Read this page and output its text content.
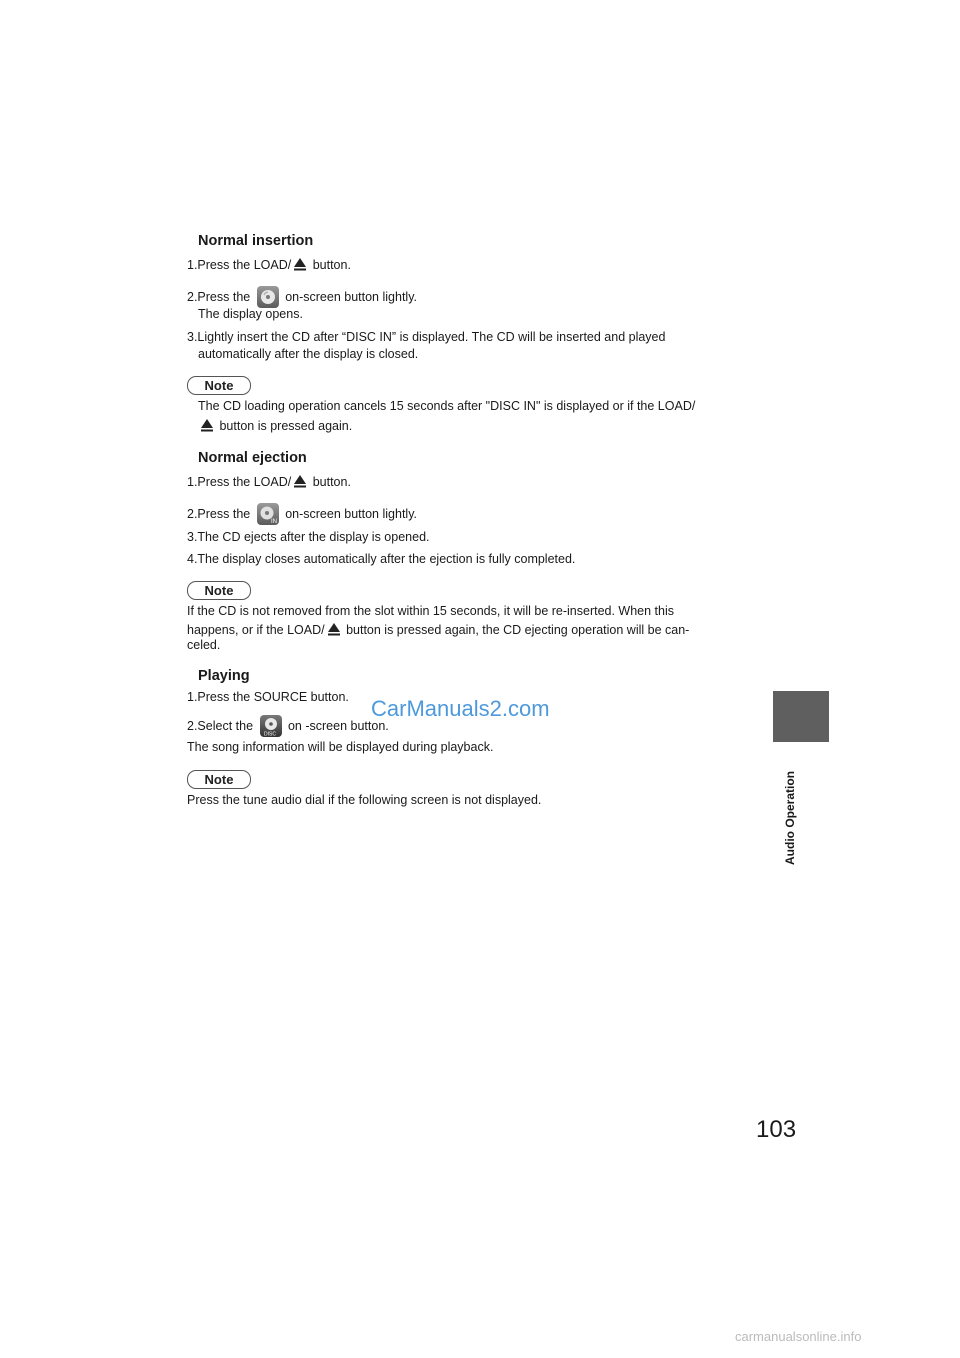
Normal insertion
1.Press the LOAD/ button.
2.Press the	on-screen button lightly.
The display opens.
3.Lightly insert the CD after “DISC IN” is displayed. The CD will be inserted and played
automatically after the display is closed.
Note
The CD loading operation cancels 15 seconds after "DISC IN" is displayed or if the LOAD/
button is pressed again.
Normal ejection
1.Press the LOAD/ button.
2.Press the
IN
on-screen button lightly.
3.The CD ejects after the display is opened.
4.The display closes automatically after the ejection is fully completed.
Note
If the CD is not removed from the slot within 15 seconds, it will be re-inserted. When this
happens, or if the LOAD/ button is pressed again, the CD ejecting operation will be can-
celed.
Playing
1.Press the SOURCE button.
2.Select the
DISC
on -screen button.
The song information will be displayed during playback.
Note
Press the tune audio dial if the following screen is not displayed.
CarManuals2.com
Audio Operation
103
carmanualsonline.info
